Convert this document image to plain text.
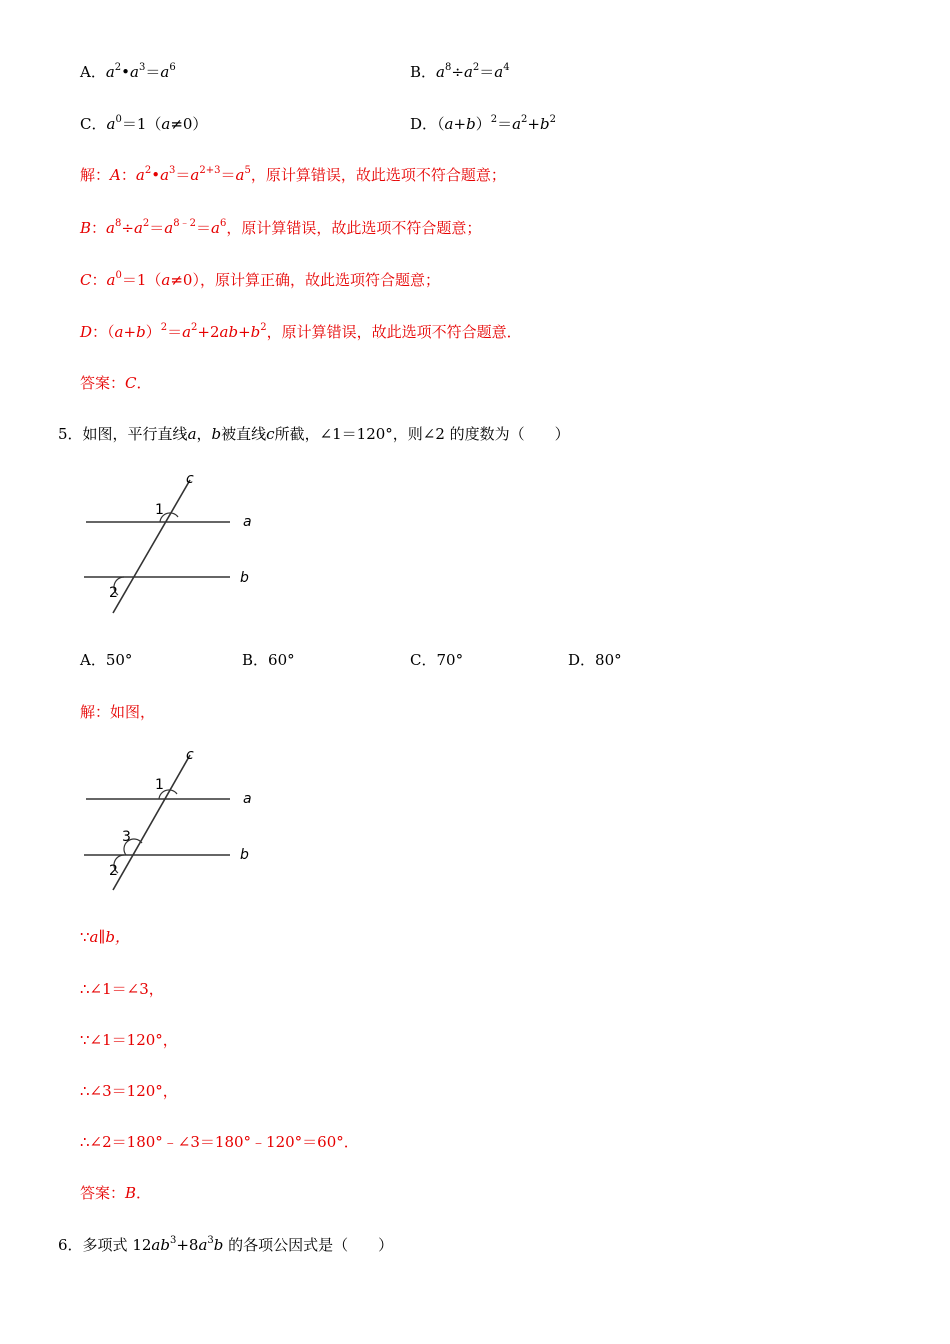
A．$a^2•a^3=a^6$	B．$a^8\div a^2=a^4$
C．$a^0=1(a\ne 0)$	D．$(a+b)^2=a^2+b^2$
解：A：$a^2•a^3=a^{2+3}=a^5$，原计算错误，故此选项不符合题意；
B：$a^8\div a^2=a^{8﹣2}=a^6$，原计算错误，故此选项不符合题意；
C：$a^0=1(a\ne 0)$，原计算正确，故此选项符合题意；
D：$(a+b)^2=a^2+2ab+b^2$，原计算错误，故此选项不符合题意．
答案：C．
5．如图，平行直线a，b被直线c所截，∠1＝120°，则∠2 的度数为（　　）
c
a
b
1
2
A．50°	B．60°	C．70°	D．80°
解：如图，
c
a
b
1
3
2
∵a∥b，
∴∠1＝∠3，
∵∠1＝120°，
∴∠3＝120°，
∴∠2＝180°﹣∠3＝180°﹣120°＝60°．
答案：B．
6．多项式 $12ab^3+8a^3b$ 的各项公因式是（　　）
